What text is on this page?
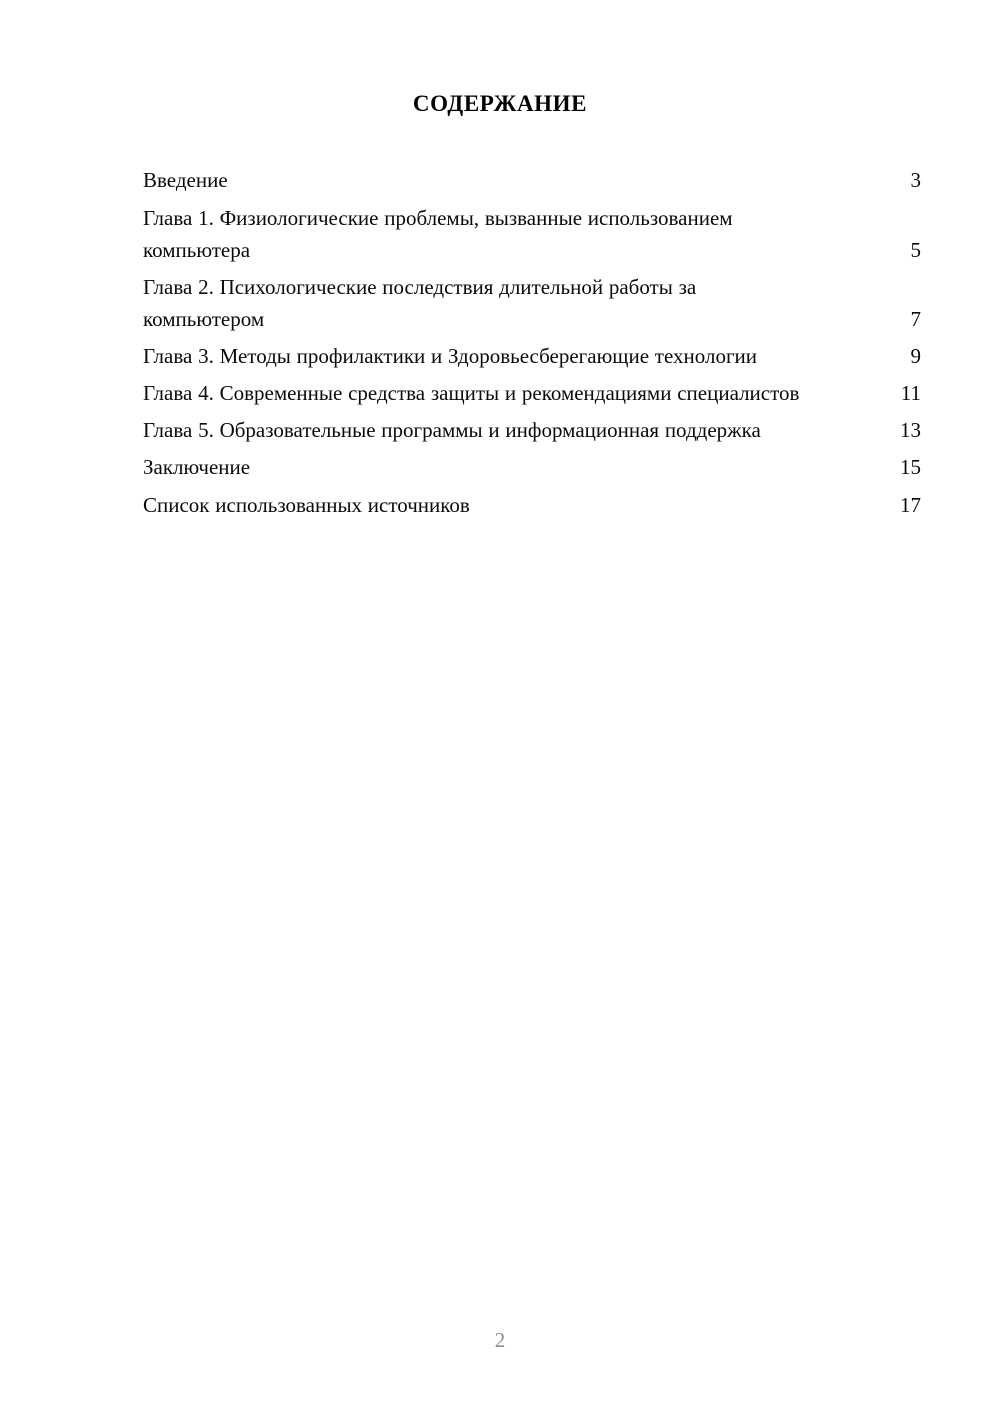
СОДЕРЖАНИЕ
Введение	3
Глава 1. Физиологические проблемы, вызванные использованием компьютера	5
Глава 2. Психологические последствия длительной работы за компьютером	7
Глава 3. Методы профилактики и Здоровьесберегающие технологии	9
Глава 4. Современные средства защиты и рекомендациями специалистов	11
Глава 5. Образовательные программы и информационная поддержка	13
Заключение	15
Список использованных источников	17
2
